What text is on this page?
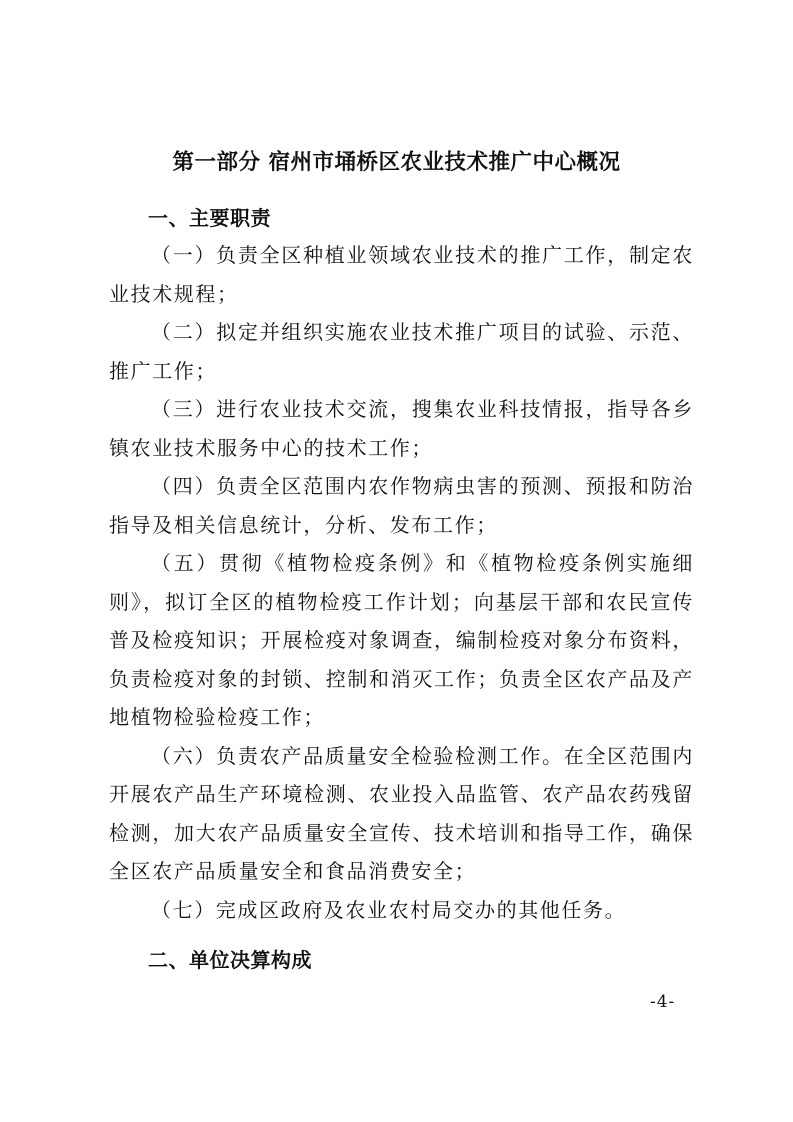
第一部分 宿州市埇桥区农业技术推广中心概况
一、主要职责

（一）负责全区种植业领域农业技术的推广工作，制定农业技术规程；

（二）拟定并组织实施农业技术推广项目的试验、示范、推广工作；

（三）进行农业技术交流，搜集农业科技情报，指导各乡镇农业技术服务中心的技术工作；

（四）负责全区范围内农作物病虫害的预测、预报和防治指导及相关信息统计，分析、发布工作；

（五）贯彻《植物检疫条例》和《植物检疫条例实施细则》，拟订全区的植物检疫工作计划；向基层干部和农民宣传普及检疫知识；开展检疫对象调查，编制检疫对象分布资料，负责检疫对象的封锁、控制和消灭工作；负责全区农产品及产地植物检验检疫工作；

（六）负责农产品质量安全检验检测工作。在全区范围内开展农产品生产环境检测、农业投入品监管、农产品农药残留检测，加大农产品质量安全宣传、技术培训和指导工作，确保全区农产品质量安全和食品消费安全；

（七）完成区政府及农业农村局交办的其他任务。

二、单位决算构成
-4-
